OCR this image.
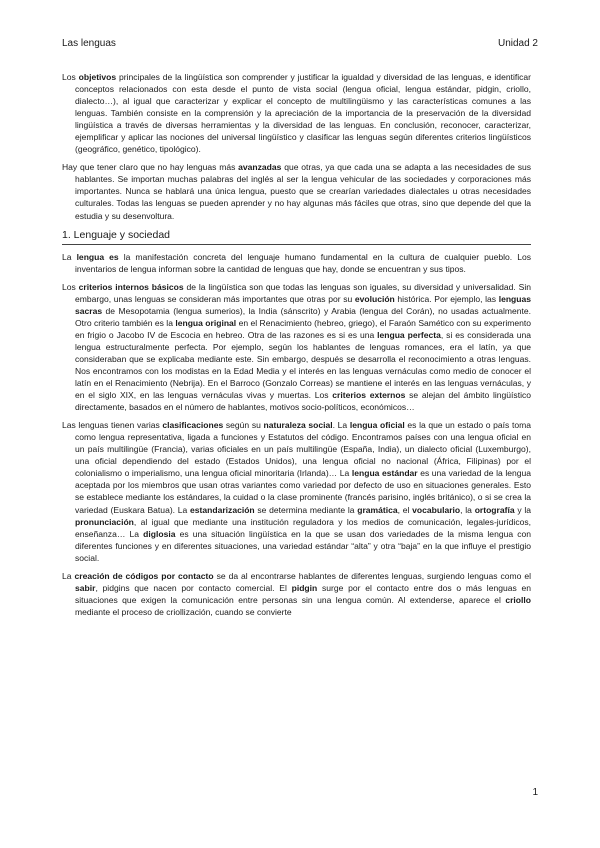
Las lenguas	Unidad 2

Los objetivos principales de la lingüística son comprender y justificar la igualdad y diversidad de las lenguas, e identificar conceptos relacionados con esta desde el punto de vista social (lengua oficial, lengua estándar, pidgin, criollo, dialecto…), al igual que caracterizar y explicar el concepto de multilingüismo y las características comunes a las lenguas. También consiste en la comprensión y la apreciación de la importancia de la preservación de la diversidad lingüística a través de diversas herramientas y la diversidad de las lenguas. En conclusión, reconocer, caracterizar, ejemplificar y aplicar las nociones del universal lingüístico y clasificar las lenguas según diferentes criterios lingüísticos (geográfico, genético, tipológico).

Hay que tener claro que no hay lenguas más avanzadas que otras, ya que cada una se adapta a las necesidades de sus hablantes. Se importan muchas palabras del inglés al ser la lengua vehicular de las sociedades y corporaciones más importantes. Nunca se hablará una única lengua, puesto que se crearían variedades dialectales u otras necesidades culturales. Todas las lenguas se pueden aprender y no hay algunas más fáciles que otras, sino que depende del que la estudia y su desenvoltura.

1. Lenguaje y sociedad

La lengua es la manifestación concreta del lenguaje humano fundamental en la cultura de cualquier pueblo. Los inventarios de lengua informan sobre la cantidad de lenguas que hay, donde se encuentran y sus tipos.

Los criterios internos básicos de la lingüística son que todas las lenguas son iguales, su diversidad y universalidad. Sin embargo, unas lenguas se consideran más importantes que otras por su evolución histórica. Por ejemplo, las lenguas sacras de Mesopotamia (lengua sumerios), la India (sánscrito) y Arabia (lengua del Corán), no usadas actualmente. Otro criterio también es la lengua original en el Renacimiento (hebreo, griego), el Faraón Samético con su experimento en frigio o Jacobo IV de Escocia en hebreo. Otra de las razones es si es una lengua perfecta, si es considerada una lengua estructuralmente perfecta. Por ejemplo, según los hablantes de lenguas romances, era el latín, ya que consideraban que se explicaba mediante este. Sin embargo, después se desarrolla el reconocimiento a otras lenguas. Nos encontramos con los modistas en la Edad Media y el interés en las lenguas vernáculas como medio de conocer el latín en el Renacimiento (Nebrija). En el Barroco (Gonzalo Correas) se mantiene el interés en las lenguas vernáculas, y en el siglo XIX, en las lenguas vernáculas vivas y muertas. Los criterios externos se alejan del ámbito lingüístico directamente, basados en el número de hablantes, motivos socio-políticos, económicos…

Las lenguas tienen varias clasificaciones según su naturaleza social. La lengua oficial es la que un estado o país toma como lengua representativa, ligada a funciones y Estatutos del código. Encontramos países con una lengua oficial en un país multilingüe (Francia), varias oficiales en un país multilingüe (España, India), un dialecto oficial (Luxemburgo), una oficial dependiendo del estado (Estados Unidos), una lengua oficial no nacional (África, Filipinas) por el colonialismo o imperialismo, una lengua oficial minoritaria (Irlanda)… La lengua estándar es una variedad de la lengua aceptada por los miembros que usan otras variantes como variedad por defecto de uso en situaciones generales. Esto se establece mediante los estándares, la cuidad o la clase prominente (francés parisino, inglés británico), o si se crea la variedad (Euskara Batua). La estandarización se determina mediante la gramática, el vocabulario, la ortografía y la pronunciación, al igual que mediante una institución reguladora y los medios de comunicación, legales-jurídicos, enseñanza… La diglosia es una situación lingüística en la que se usan dos variedades de la misma lengua con diferentes funciones y en diferentes situaciones, una variedad estándar “alta” y otra “baja” en la que influye el prestigio social.

La creación de códigos por contacto se da al encontrarse hablantes de diferentes lenguas, surgiendo lenguas como el sabir, pidgins que nacen por contacto comercial. El pidgin surge por el contacto entre dos o más lenguas en situaciones que exigen la comunicación entre personas sin una lengua común. Al extenderse, aparece el criollo mediante el proceso de criollización, cuando se convierte

1
